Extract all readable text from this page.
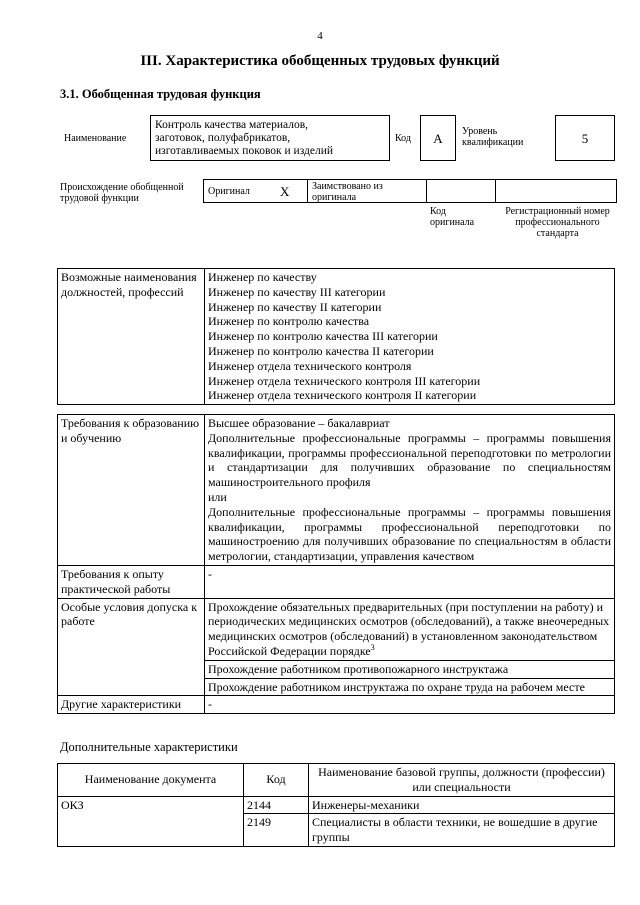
4
III. Характеристика обобщенных трудовых функций
3.1. Обобщенная трудовая функция
Наименование
Контроль качества материалов,
заготовок, полуфабрикатов,
изготавливаемых поковок и изделий
Код	А	Уровень квалификации	5
Происхождение обобщенной трудовой функции
Оригинал X	Заимствовано из оригинала
Код оригинала
Регистрационный номер профессионального стандарта
Возможные наименования должностей, профессий	
Инженер по качеству
Инженер по качеству III категории
Инженер по качеству II категории
Инженер по контролю качества
Инженер по контролю качества III категории
Инженер по контролю качества II категории
Инженер отдела технического контроля
Инженер отдела технического контроля III категории
Инженер отдела технического контроля II категории
Требования к образованию и обучению	Высшее образование – бакалавриат
Дополнительные профессиональные программы – программы повышения квалификации, программы профессиональной переподготовки по метрологии и стандартизации для получивших образование по специальностям машиностроительного профиля
или
Дополнительные профессиональные программы – программы повышения квалификации, программы профессиональной переподготовки по машиностроению для получивших образование по специальностям в области метрологии, стандартизации, управления качеством

Требования к опыту практической работы	-
Особые условия допуска к работе	Прохождение обязательных предварительных (при поступлении на работу) и периодических медицинских осмотров (обследований), а также внеочередных медицинских осмотров (обследований) в установленном законодательством Российской Федерации порядке$^3$
	Прохождение работником противопожарного инструктажа
	Прохождение работником инструктажа по охране труда на рабочем месте
Другие характеристики	-
Дополнительные характеристики
Наименование документа	Код	Наименование базовой группы, должности (профессии) или специальности
ОКЗ	2144	Инженеры-механики
	2149	Специалисты в области техники, не вошедшие в другие группы
